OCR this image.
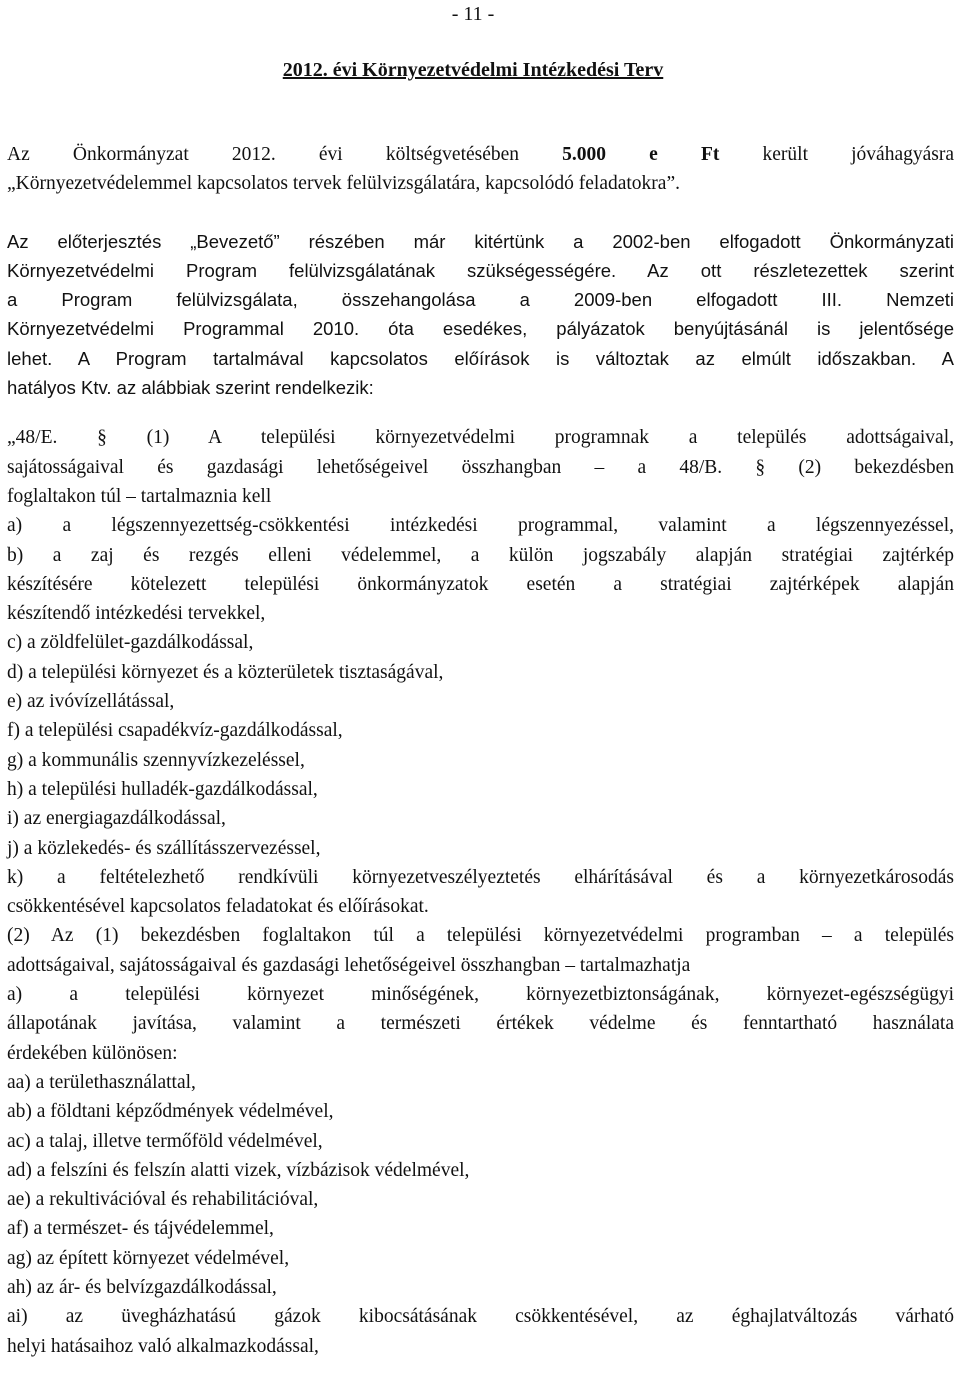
- 11 -
2012. évi Környezetvédelmi Intézkedési Terv
Az Önkormányzat 2012. évi költségvetésében 5.000 e Ft került jóváhagyásra
„Környezetvédelemmel kapcsolatos tervek felülvizsgálatára, kapcsolódó feladatokra”.
Az előterjesztés „Bevezető” részében már kitértünk a 2002-ben elfogadott Önkormányzati
Környezetvédelmi Program felülvizsgálatának szükségességére. Az ott részletezettek szerint
a Program felülvizsgálata, összehangolása a 2009-ben elfogadott III. Nemzeti
Környezetvédelmi Programmal 2010. óta esedékes, pályázatok benyújtásánál is jelentősége
lehet. A Program tartalmával kapcsolatos előírások is változtak az elmúlt időszakban. A
hatályos Ktv. az alábbiak szerint rendelkezik:
„48/E. § (1) A települési környezetvédelmi programnak a település adottságaival,
sajátosságaival és gazdasági lehetőségeivel összhangban – a 48/B. § (2) bekezdésben
foglaltakon túl – tartalmaznia kell
a) a légszennyezettség-csökkentési intézkedési programmal, valamint a légszennyezéssel,
b) a zaj és rezgés elleni védelemmel, a külön jogszabály alapján stratégiai zajtérkép
készítésére kötelezett települési önkormányzatok esetén a stratégiai zajtérképek alapján
készítendő intézkedési tervekkel,
c) a zöldfelület-gazdálkodással,
d) a települési környezet és a közterületek tisztaságával,
e) az ivóvízellátással,
f) a települési csapadékvíz-gazdálkodással,
g) a kommunális szennyvízkezeléssel,
h) a települési hulladék-gazdálkodással,
i) az energiagazdálkodással,
j) a közlekedés- és szállításszervezéssel,
k) a feltételezhető rendkívüli környezetveszélyeztetés elhárításával és a környezetkárosodás
csökkentésével kapcsolatos feladatokat és előírásokat.
(2) Az (1) bekezdésben foglaltakon túl a települési környezetvédelmi programban – a település
adottságaival, sajátosságaival és gazdasági lehetőségeivel összhangban – tartalmazhatja
a) a települési környezet minőségének, környezetbiztonságának, környezet-egészségügyi
állapotának javítása, valamint a természeti értékek védelme és fenntartható használata
érdekében különösen:
aa) a területhasználattal,
ab) a földtani képződmények védelmével,
ac) a talaj, illetve termőföld védelmével,
ad) a felszíni és felszín alatti vizek, vízbázisok védelmével,
ae) a rekultivációval és rehabilitációval,
af) a természet- és tájvédelemmel,
ag) az épített környezet védelmével,
ah) az ár- és belvízgazdálkodással,
ai) az üvegházhatású gázok kibocsátásának csökkentésével, az éghajlatváltozás várható
helyi hatásaihoz való alkalmazkodással,
